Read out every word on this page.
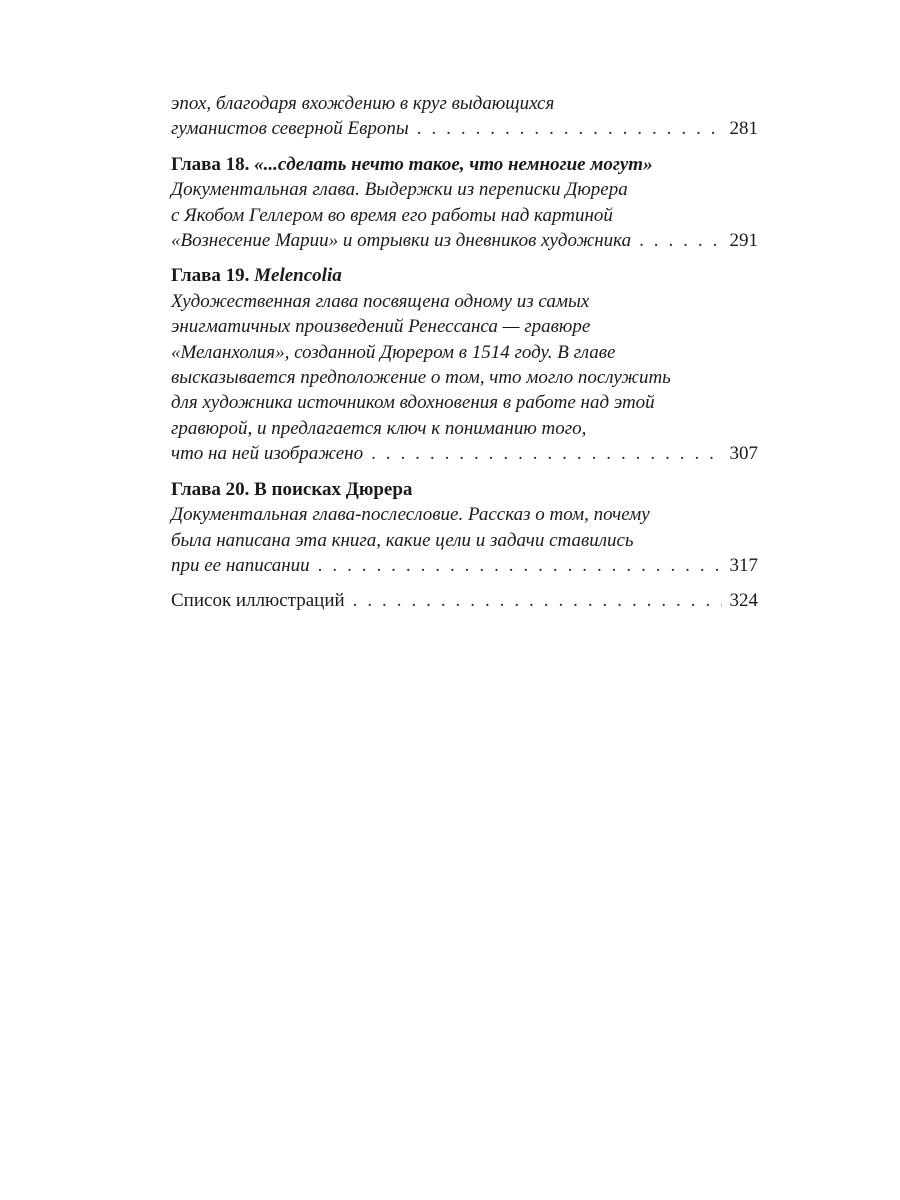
эпох, благодаря вхождению в круг выдающихся
гуманистов северной Европы . . .	281
Глава 18.
«...сделать нечто такое, что немногие могут»
Документальная глава. Выдержки из переписки Дюрера
с Якобом Геллером во время его работы над картиной
«Вознесение Марии» и отрывки из дневников художника . . .	291
Глава 19.
Melencolia
Художественная глава посвящена одному из самых
энигматичных произведений Ренессанса — гравюре
«Меланхолия», созданной Дюрером в 1514 году. В главе
высказывается предположение о том, что могло послужить
для художника источником вдохновения в работе над этой
гравюрой, и предлагается ключ к пониманию того,
что на ней изображено . . .	307
Глава 20. В поисках Дюрера
Документальная глава-послесловие. Рассказ о том, почему
была написана эта книга, какие цели и задачи ставились
при ее написании . . .	317
Список иллюстраций . . .	324
